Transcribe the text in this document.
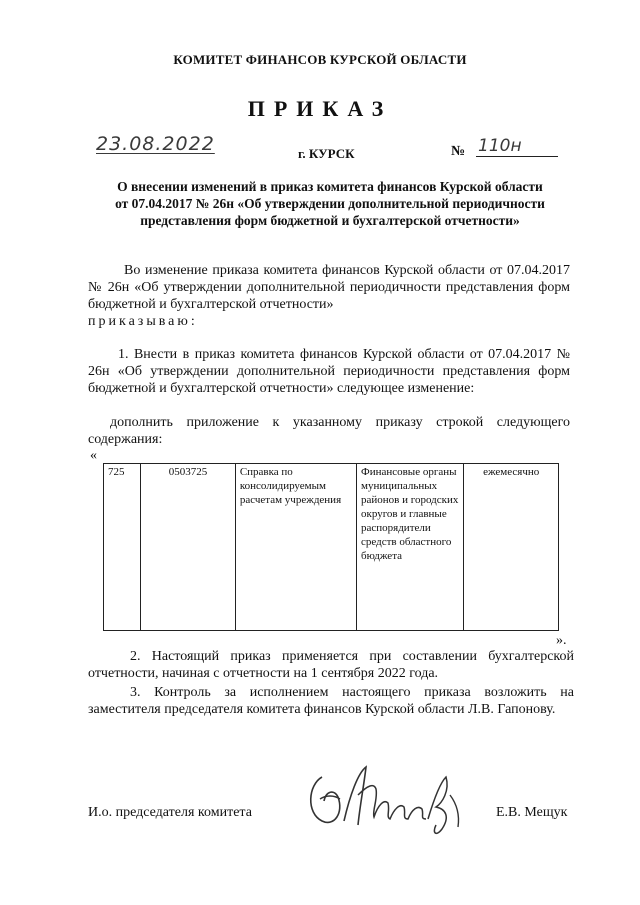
КОМИТЕТ ФИНАНСОВ КУРСКОЙ ОБЛАСТИ
ПРИКАЗ
23.08.2022	г. КУРСК	№ 110н
О внесении изменений в приказ комитета финансов Курской области
от 07.04.2017 № 26н «Об утверждении дополнительной периодичности
представления форм бюджетной и бухгалтерской отчетности»
Во изменение приказа комитета финансов Курской области от 07.04.2017 № 26н «Об утверждении дополнительной периодичности представления форм бюджетной и бухгалтерской отчетности»
приказываю:
1. Внести в приказ комитета финансов Курской области от 07.04.2017 № 26н «Об утверждении дополнительной периодичности представления форм бюджетной и бухгалтерской отчетности» следующее изменение:
дополнить приложение к указанному приказу строкой следующего содержания:
«
725	0503725	Справка по консолидируемым расчетам учреждения	Финансовые органы муниципальных районов и городских округов и главные распорядители средств областного бюджета	ежемесячно
».
2. Настоящий приказ применяется при составлении бухгалтерской отчетности, начиная с отчетности на 1 сентября 2022 года.
3. Контроль за исполнением настоящего приказа возложить на заместителя председателя комитета финансов Курской области Л.В. Гапонову.
И.о. председателя комитета	Е.В. Мещук
